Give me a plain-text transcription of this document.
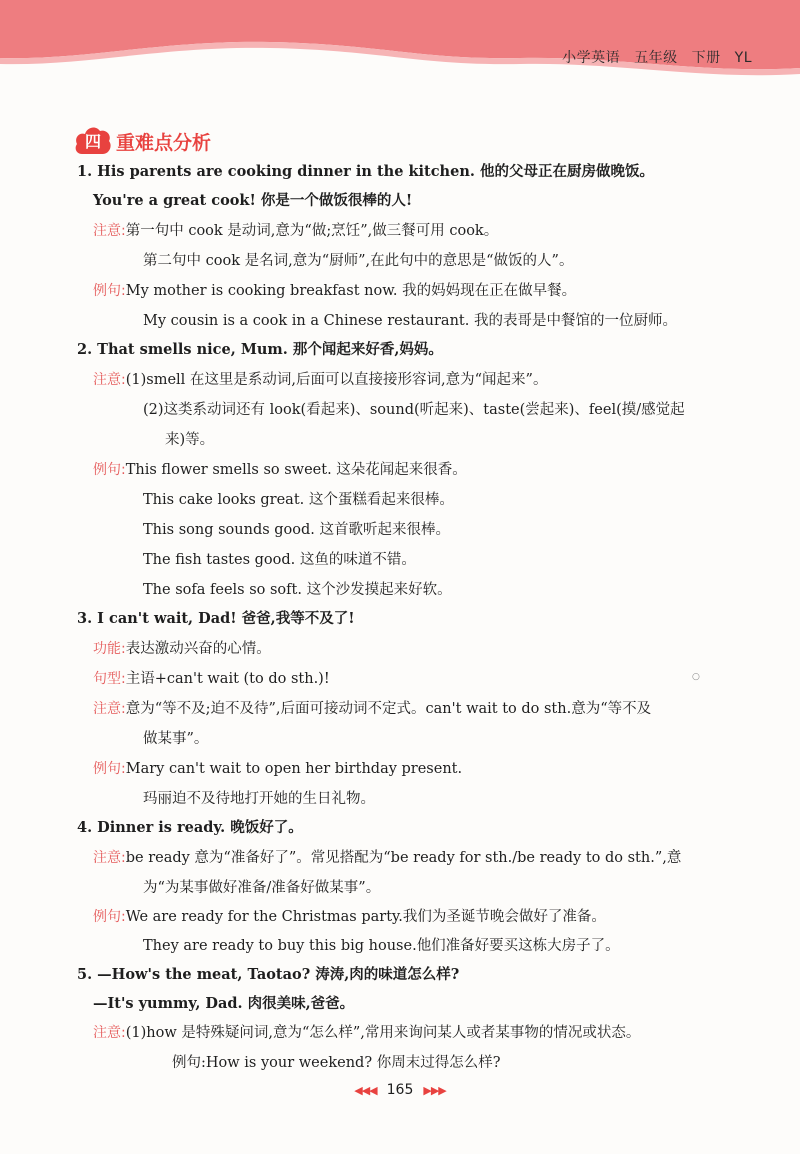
小学英语 五年级 下册 YL
四 重难点分析
1. His parents are cooking dinner in the kitchen. 他的父母正在厨房做晚饭。
You're a great cook! 你是一个做饭很棒的人!
注意:第一句中 cook 是动词,意为“做;烹饪”,做三餐可用 cook。
第二句中 cook 是名词,意为“厨师”,在此句中的意思是“做饭的人”。
例句:My mother is cooking breakfast now. 我的妈妈现在正在做早餐。
My cousin is a cook in a Chinese restaurant. 我的表哥是中餐馆的一位厨师。
2. That smells nice, Mum. 那个闻起来好香,妈妈。
注意:(1)smell 在这里是系动词,后面可以直接接形容词,意为“闻起来”。
(2)这类系动词还有 look(看起来)、sound(听起来)、taste(尝起来)、feel(摸/感觉起
来)等。
例句:This flower smells so sweet. 这朵花闻起来很香。
This cake looks great. 这个蛋糕看起来很棒。
This song sounds good. 这首歌听起来很棒。
The fish tastes good. 这鱼的味道不错。
The sofa feels so soft. 这个沙发摸起来好软。
3. I can't wait, Dad! 爸爸,我等不及了!
功能:表达激动兴奋的心情。
句型:主语+can't wait (to do sth.)!
注意:意为“等不及;迫不及待”,后面可接动词不定式。can't wait to do sth.意为“等不及
做某事”。
例句:Mary can't wait to open her birthday present.
玛丽迫不及待地打开她的生日礼物。
4. Dinner is ready. 晚饭好了。
注意:be ready 意为“准备好了”。常见搭配为“be ready for sth./be ready to do sth.”,意
为“为某事做好准备/准备好做某事”。
例句:We are ready for the Christmas party.我们为圣诞节晚会做好了准备。
They are ready to buy this big house.他们准备好要买这栋大房子了。
5. —How's the meat, Taotao? 涛涛,肉的味道怎么样?
—It's yummy, Dad. 肉很美味,爸爸。
注意:(1)how 是特殊疑问词,意为“怎么样”,常用来询问某人或者某事物的情况或状态。
例句:How is your weekend? 你周末过得怎么样?
○
◀◀◀ 165 ▶▶▶
